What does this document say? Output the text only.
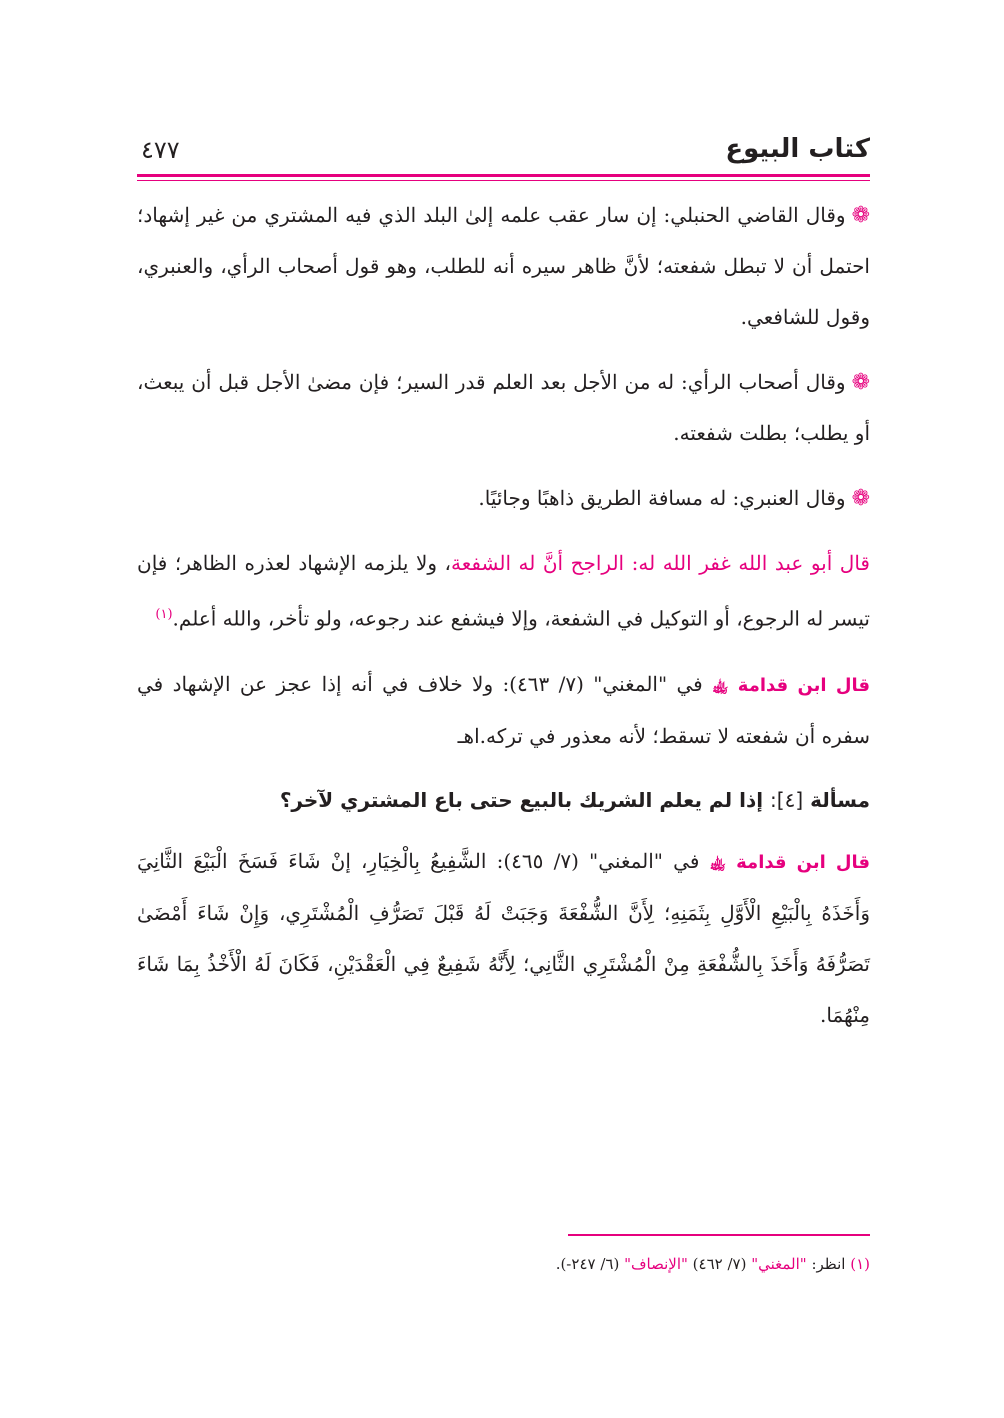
كتاب البيوع
٤٧٧

❁وقال القاضي الحنبلي: إن سار عقب علمه إلىٰ البلد الذي فيه المشتري من غير إشهاد؛ احتمل أن لا تبطل شفعته؛ لأنَّ ظاهر سيره أنه للطلب، وهو قول أصحاب الرأي، والعنبري، وقول للشافعي.

❁وقال أصحاب الرأي: له من الأجل بعد العلم قدر السير؛ فإن مضىٰ الأجل قبل أن يبعث، أو يطلب؛ بطلت شفعته.

❁وقال العنبري: له مسافة الطريق ذاهبًا وجائيًا.

قال أبو عبد الله غفر الله له: الراجح أنَّ له الشفعة، ولا يلزمه الإشهاد لعذره الظاهر؛ فإن تيسر له الرجوع، أو التوكيل في الشفعة، وإلا فيشفع عند رجوعه، ولو تأخر، والله أعلم.$^{(١)}$

قال ابن قدامة ﵀ في "المغني" (٧/ ٤٦٣): ولا خلاف في أنه إذا عجز عن الإشهاد في سفره أن شفعته لا تسقط؛ لأنه معذور في تركه.اهـ

مسألة [٤]: إذا لم يعلم الشريك بالبيع حتى باع المشتري لآخر؟

قال ابن قدامة ﵀ في "المغني" (٧/ ٤٦٥): الشَّفِيعُ بِالْخِيَارِ، إنْ شَاءَ فَسَخَ الْبَيْعَ الثَّانِيَ وَأَخَذَهُ بِالْبَيْعِ الْأَوَّلِ بِثَمَنِهِ؛ لِأَنَّ الشُّفْعَةَ وَجَبَتْ لَهُ قَبْلَ تَصَرُّفِ الْمُشْتَرِي، وَإِنْ شَاءَ أَمْضَىٰ تَصَرُّفَهُ وَأَخَذَ بِالشُّفْعَةِ مِنْ الْمُشْتَرِي الثَّانِي؛ لِأَنَّهُ شَفِيعٌ فِي الْعَقْدَيْنِ، فَكَانَ لَهُ الْأَخْذُ بِمَا شَاءَ مِنْهُمَا.

(١) انظر: "المغني" (٧/ ٤٦٢) "الإنصاف" (٦/ ٢٤٧-).
